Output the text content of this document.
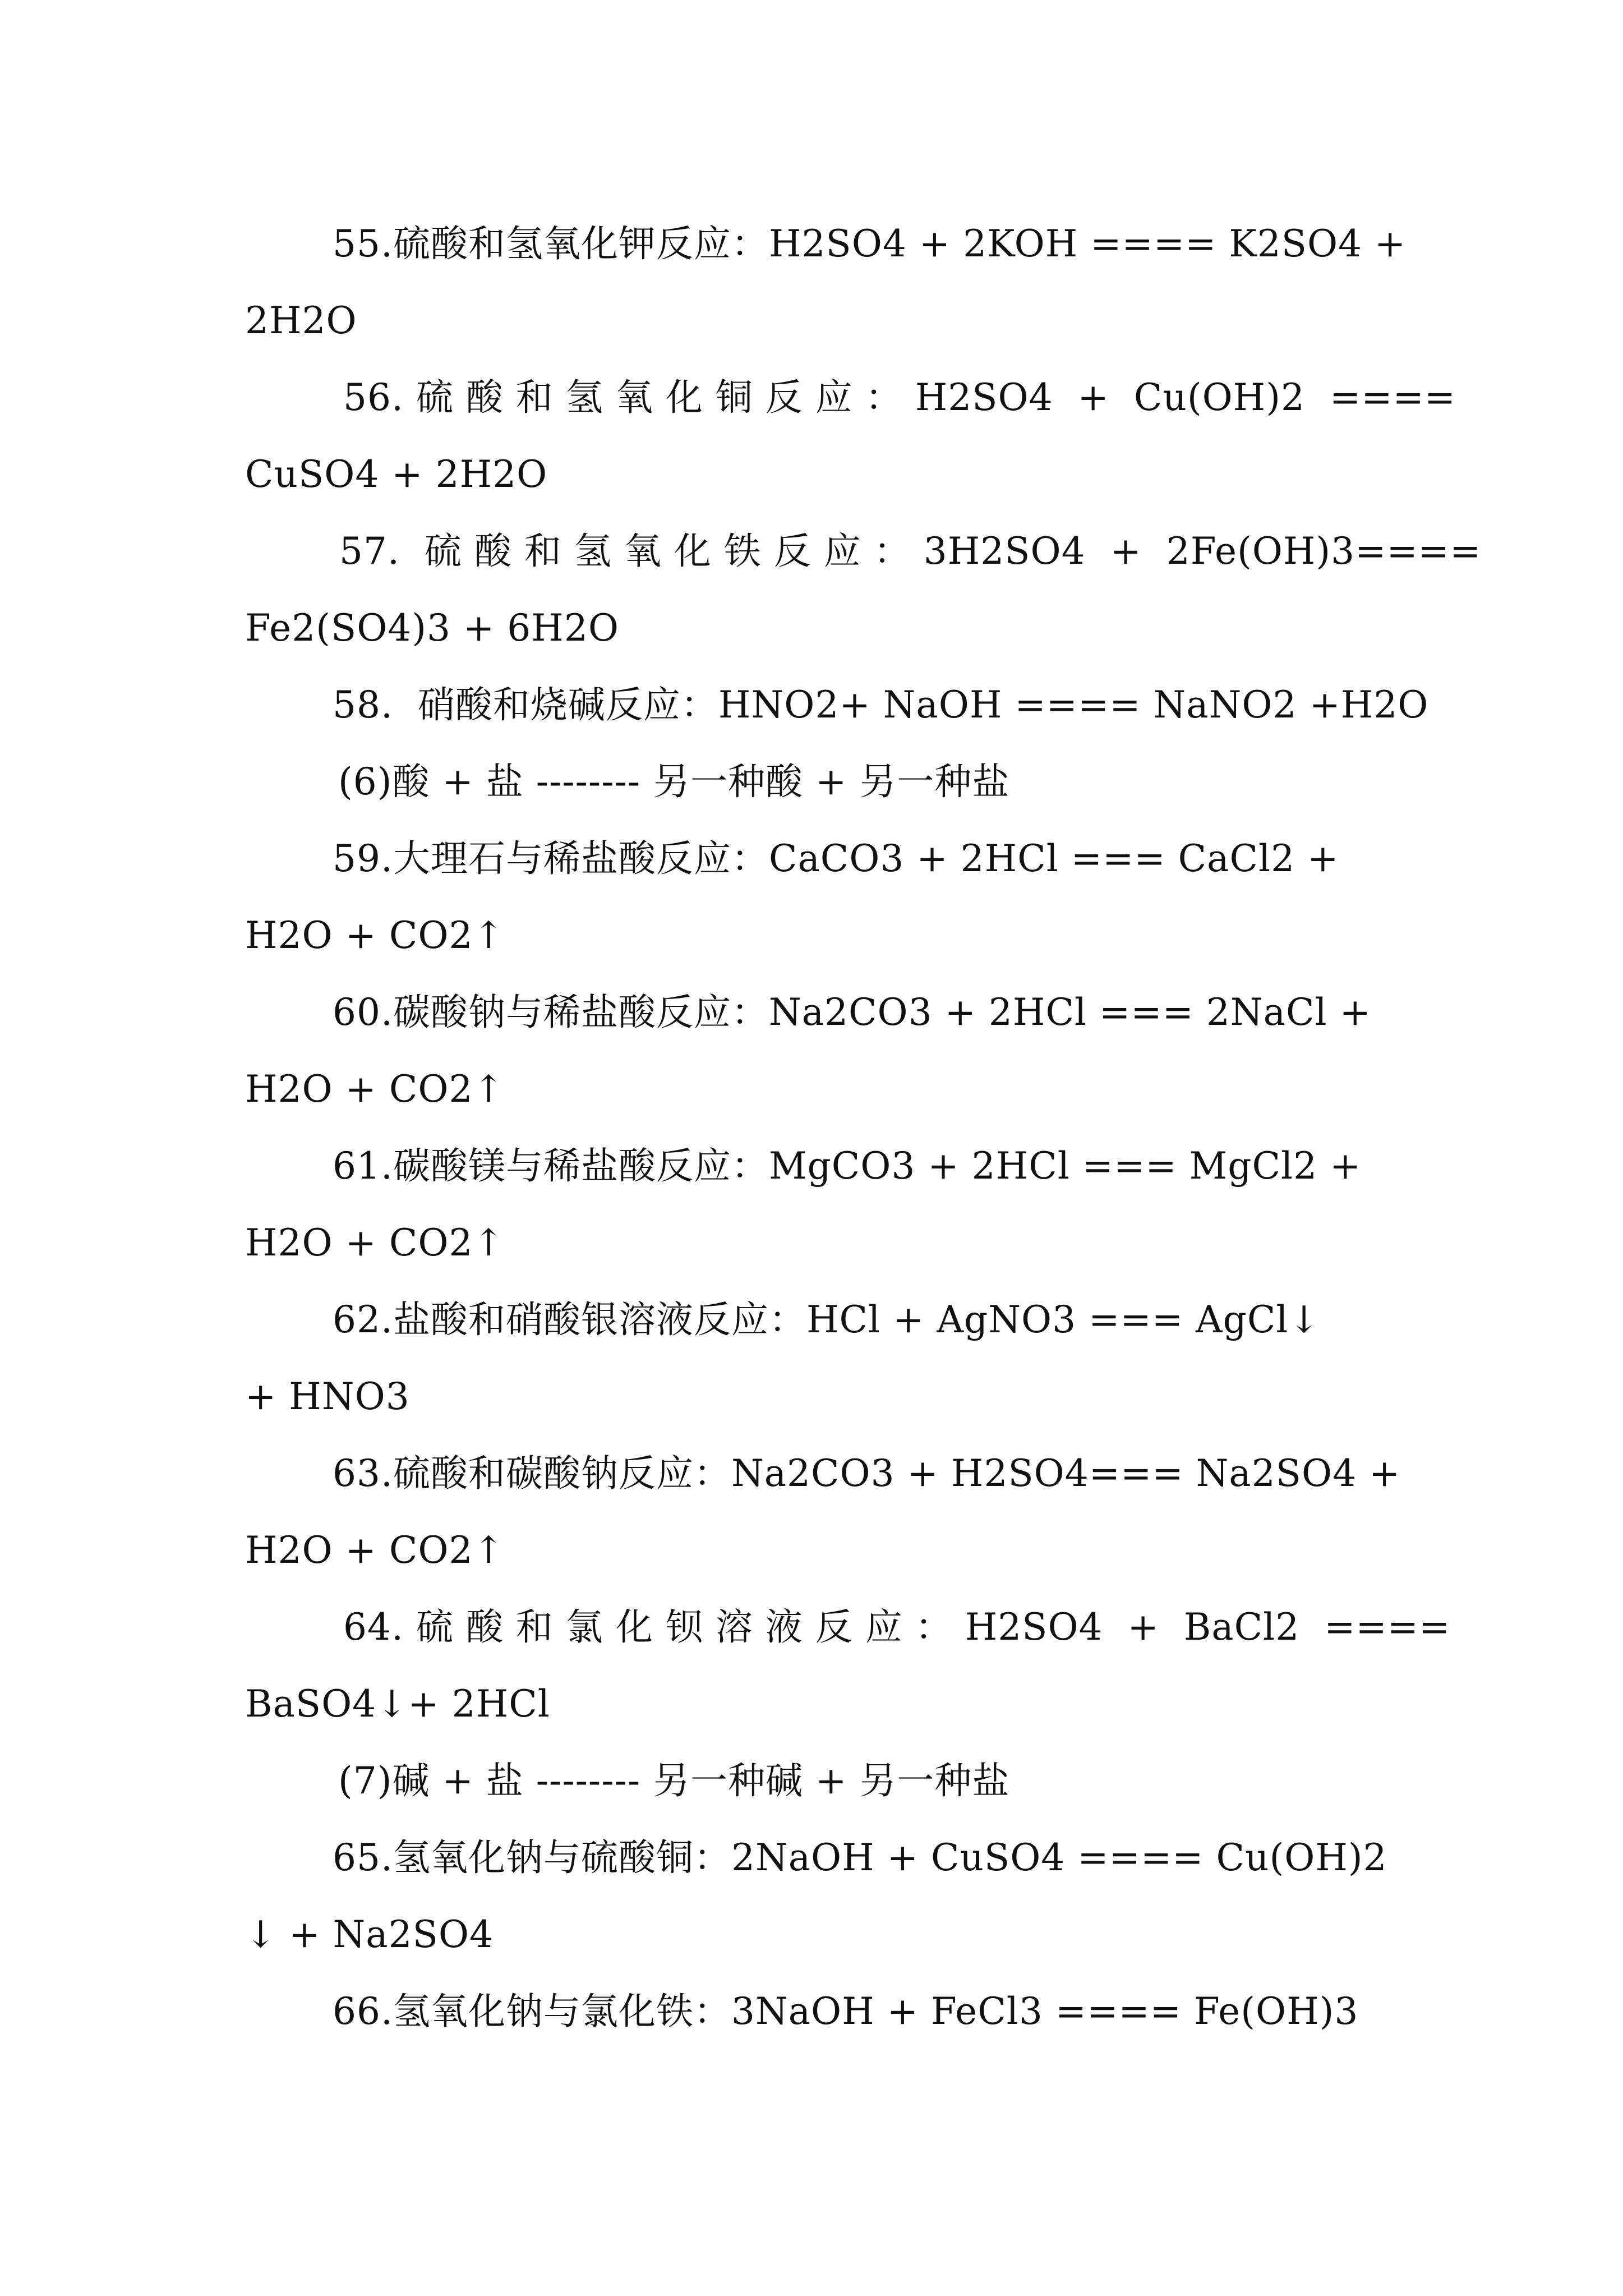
55.硫酸和氢氧化钾反应：H2SO4 + 2KOH ==== K2SO4 +
2H2O
56. 硫 酸 和 氢 氧 化 铜 反 应 ： H2SO4  +  Cu(OH)2  ====
CuSO4 + 2H2O
57.  硫 酸 和 氢 氧 化 铁 反 应 ： 3H2SO4  +  2Fe(OH)3====
Fe2(SO4)3 + 6H2O
58.  硝酸和烧碱反应：HNO2+ NaOH ==== NaNO2 +H2O
(6)酸 + 盐 -------- 另一种酸 + 另一种盐
59.大理石与稀盐酸反应：CaCO3 + 2HCl === CaCl2 +
H2O + CO2↑
60.碳酸钠与稀盐酸反应：Na2CO3 + 2HCl === 2NaCl +
H2O + CO2↑
61.碳酸镁与稀盐酸反应：MgCO3 + 2HCl === MgCl2 +
H2O + CO2↑
62.盐酸和硝酸银溶液反应：HCl + AgNO3 === AgCl↓
+ HNO3
63.硫酸和碳酸钠反应：Na2CO3 + H2SO4=== Na2SO4 +
H2O + CO2↑
64. 硫 酸 和 氯 化 钡 溶 液 反 应 ： H2SO4  +  BaCl2  ====
BaSO4↓+ 2HCl
(7)碱 + 盐 -------- 另一种碱 + 另一种盐
65.氢氧化钠与硫酸铜：2NaOH + CuSO4 ==== Cu(OH)2
↓ + Na2SO4
66.氢氧化钠与氯化铁：3NaOH + FeCl3 ==== Fe(OH)3
